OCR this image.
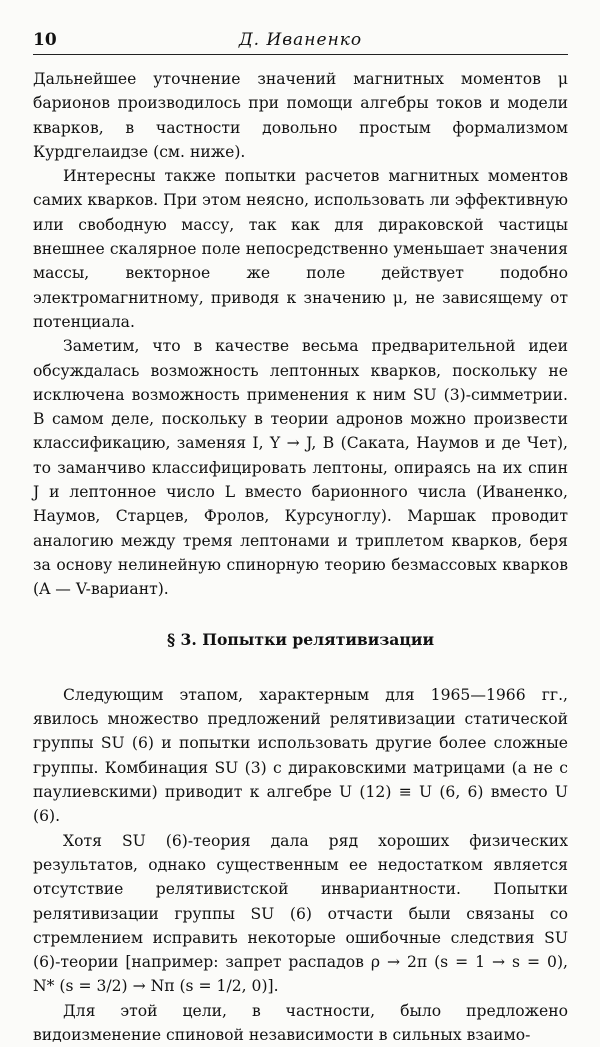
10	Д. Иваненко

Дальнейшее уточнение значений магнитных моментов μ барионов производилось при помощи алгебры токов и модели кварков, в частности довольно простым формализмом Курдгелаидзе (см. ниже).

Интересны также попытки расчетов магнитных моментов самих кварков. При этом неясно, использовать ли эффективную или свободную массу, так как для дираковской частицы внешнее скалярное поле непосредственно уменьшает значения массы, векторное же поле действует подобно электромагнитному, приводя к значению μ, не зависящему от потенциала.

Заметим, что в качестве весьма предварительной идеи обсуждалась возможность лептонных кварков, поскольку не исключена возможность применения к ним SU (3)-симметрии. В самом деле, поскольку в теории адронов можно произвести классификацию, заменяя I, Y → J, B (Саката, Наумов и де Чет), то заманчиво классифицировать лептоны, опираясь на их спин J и лептонное число L вместо барионного числа (Иваненко, Наумов, Старцев, Фролов, Курсуноглу). Маршак проводит аналогию между тремя лептонами и триплетом кварков, беря за основу нелинейную спинорную теорию безмассовых кварков (A — V-вариант).

§ 3. Попытки релятивизации

Следующим этапом, характерным для 1965—1966 гг., явилось множество предложений релятивизации статической группы SU (6) и попытки использовать другие более сложные группы. Комбинация SU (3) с дираковскими матрицами (а не с паулиевскими) приводит к алгебре U (12) ≡ U (6, 6) вместо U (6).

Хотя SU (6)-теория дала ряд хороших физических результатов, однако существенным ее недостатком является отсутствие релятивистской инвариантности. Попытки релятивизации группы SU (6) отчасти были связаны со стремлением исправить некоторые ошибочные следствия SU (6)-теории [например: запрет распадов ρ → 2π (s = 1 → s = 0), N* (s = 3/2) → Nπ (s = 1/2, 0)].

Для этой цели, в частности, было предложено видоизменение спиновой независимости в сильных взаимо-
